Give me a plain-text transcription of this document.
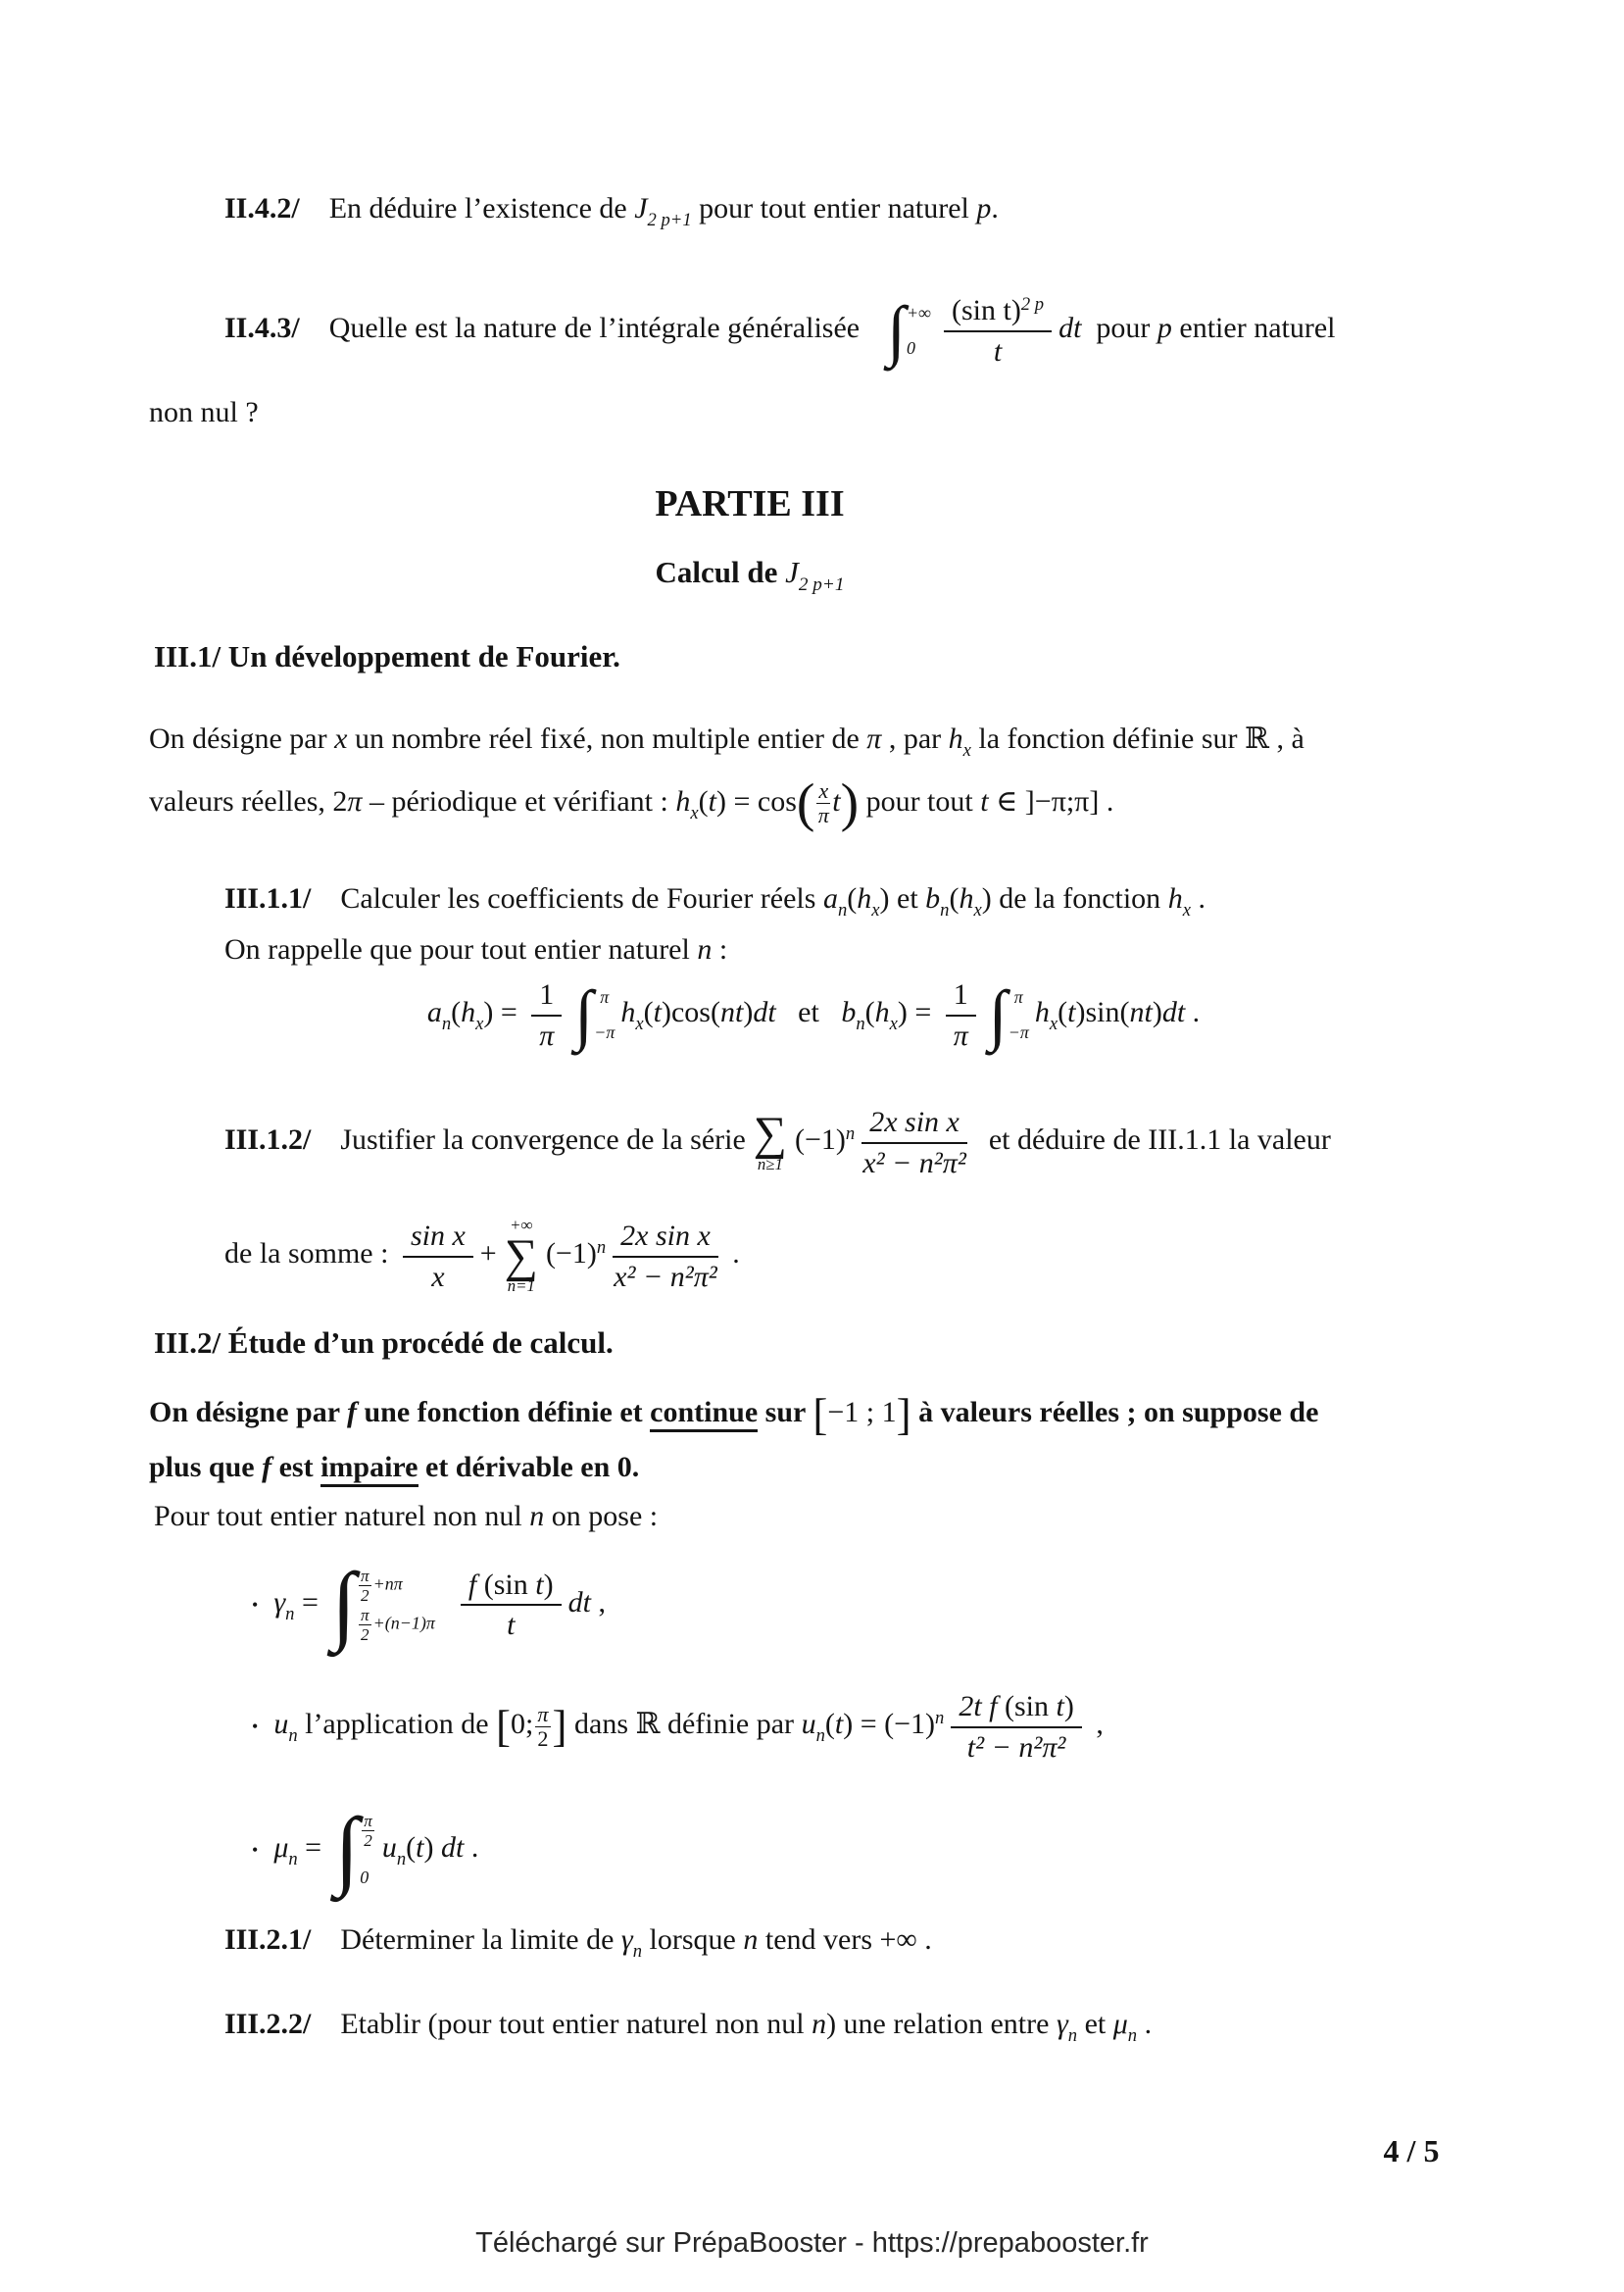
II.4.2/ En déduire l’existence de $J_{2 p+1}$ pour tout entier naturel p.
II.4.3/ Quelle est la nature de l’intégrale généralisée ∫ +∞
$0 \frac{(\sin t)^{2 p}}{t}$ dt pour p entier naturel
non nul ?
PARTIE III
Calcul de $J_{2 p+1}$
III.1/ Un développement de Fourier.
On désigne par x un nombre réel fixé, non multiple entier de π , par $h_x$ la fonction définie sur ℝ , à
valeurs réelles, 2π – périodique et vérifiant : $h_x(t) = \cos( \frac{x}{\pi} t)$ pour tout t ∈ ]−π;π] .
III.1.1/ Calculer les coefficients de Fourier réels $a_n(h_x)$ et $b_n(h_x)$ de la fonction $h_x$ .
On rappelle que pour tout entier naturel n :
$a_n(h_x) = \frac{1}{\pi}$ ∫ π
−π
$h_x(t)\cos(nt)dt$ et $b_n(h_x) = \frac{1}{\pi}$ ∫ π
−π
$h_x(t)\sin(nt)dt$ .
III.1.2/ Justifier la convergence de la série ∑
n≥1
$(-1)^n \frac{\text{2x sin x}}{\text{x² − n²π²}}$ et déduire de III.1.1 la valeur
de la somme : $\frac{\text{sin x}}{x}$ +
+∞
∑
n=1
$(-1)^n \frac{\text{2x sin x}}{\text{x² − n²π²}}$ .
III.2/ Étude d’un procédé de calcul.
On désigne par f une fonction définie et continue sur [−1 ; 1] à valeurs réelles ; on suppose de
plus que f est impaire et dérivable en 0.
Pour tout entier naturel non nul n on pose :
• $\gamma_n$ = ∫ $\frac{\pi}{2} +n\pi$
$\frac{\pi}{2} +(n-1)\pi \frac{\text{f (sin t)}}{t}$ dt ,
• $u_n$ l’application de [0; $\frac{\pi}{2}$ ] dans ℝ définie par $u_n(t) = (-1)^n \frac{\text{2t f (sin t)}}{\text{t² − n²π²}}$ ,
• $\mu_n$ = ∫ $\frac{\pi}{2}$
0
$u_n(t)$ dt .
III.2.1/ Déterminer la limite de $\gamma_n$ lorsque n tend vers +∞ .
III.2.2/ Etablir (pour tout entier naturel non nul n) une relation entre $\gamma_n$ et $\mu_n$ .
4 / 5
Téléchargé sur PrépaBooster - https://prepabooster.fr
